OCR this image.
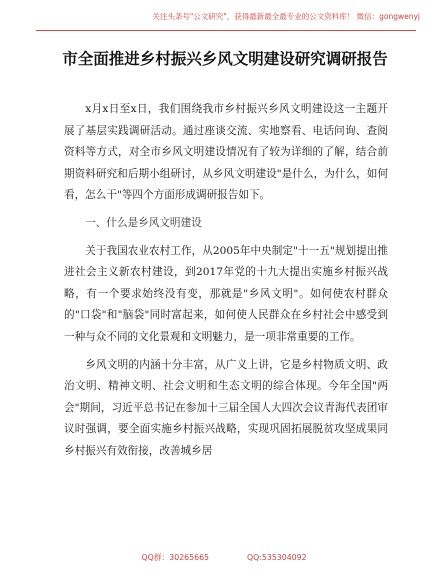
关注头条号"公文研究"，获得最新最全最专业的公文资料库！ 微信：gongwenyj
市全面推进乡村振兴乡风文明建设研究调研报告

x月x日至x日，我们围绕我市乡村振兴乡风文明建设这一主题开展了基层实践调研活动。通过座谈交流、实地察看、电话问询、查阅资料等方式，对全市乡风文明建设情况有了较为详细的了解，结合前期资料研究和后期小组研讨，从乡风文明建设"是什么，为什么，如何看，怎么干"等四个方面形成调研报告如下。

一、什么是乡风文明建设

关于我国农业农村工作，从2005年中央制定"十一五"规划提出推进社会主义新农村建设，到2017年党的十九大提出实施乡村振兴战略，有一个要求始终没有变，那就是"乡风文明"。如何使农村群众的"口袋"和"脑袋"同时富起来，如何使人民群众在乡村社会中感受到一种与众不同的文化景观和文明魅力，是一项非常重要的工作。

乡风文明的内涵十分丰富，从广义上讲，它是乡村物质文明、政治文明、精神文明、社会文明和生态文明的综合体现。今年全国"两会"期间，习近平总书记在参加十三届全国人大四次会议青海代表团审议时强调，要全面实施乡村振兴战略，实现巩固拓展脱贫攻坚成果同乡村振兴有效衔接，改善城乡居

QQ群：30265665	QQ:535304092
